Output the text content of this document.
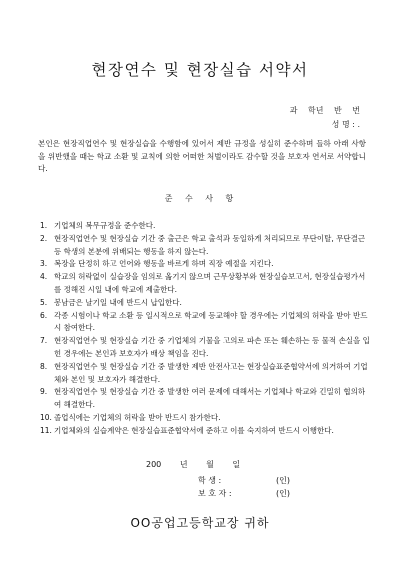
현장연수 및 현장실습 서약서
과 학년 반 번
성 명 : .
본인은 현장직업연수 및 현장실습을 수행함에 있어서 제반 규정을 성실히 준수하며 들하 아래 사항을 위반했을 때는 학교 소환 및 교칙에 의한 어떠한 처벌이라도 감수할 것을 보호자 연서로 서약합니다.
준 수 사 항
1. 기업체의 복무규정을 준수한다.
2. 현장직업연수 및 현장실습 기간 중 출근은 학교 출석과 동일하게 처리되므로 무단이탈, 무단결근 등 학생의 본분에 위배되는 행동을 하지 않는다.
3. 복장을 단정히 하고 언어와 행동을 바르게 하며 직장 예절을 지킨다.
4. 학교의 허락없이 실습장을 임의로 옮기지 않으며 근무상황부와 현장실습보고서, 현장실습평가서를 정해진 시일 내에 학교에 제출한다.
5. 봉남금은 날기일 내에 반드시 납입한다.
6. 각종 시험이나 학교 소환 등 일시적으로 학교에 등교해야 할 경우에는 기업체의 허락을 받아 반드시 참여한다.
7. 현장직업연수 및 현장실습 기간 중 기업체의 기물을 고의로 파손 또는 훼손하는 등 물적 손실을 입힌 경우에는 본인과 보호자가 배상 책임을 진다.
8. 현장직업연수 및 현장실습 기간 중 발생한 제반 안전사고는 현장실습표준협약서에 의거하여 기업체와 본인 및 보호자가 해결한다.
9. 현장직업연수 및 현장실습 기간 중 발생한 여러 문제에 대해서는 기업체나 학교와 긴밀히 협의하여 해결한다.
10. 졸업식에는 기업체의 허락을 받아 반드시 참가한다.
11. 기업체와의 실습계약은 현장실습표준협약서에 준하고 이를 숙지하여 반드시 이행한다.
200 년 월 일
학 생 :	(인)
보 호 자 :	(인)
OO공업고등학교장 귀하
